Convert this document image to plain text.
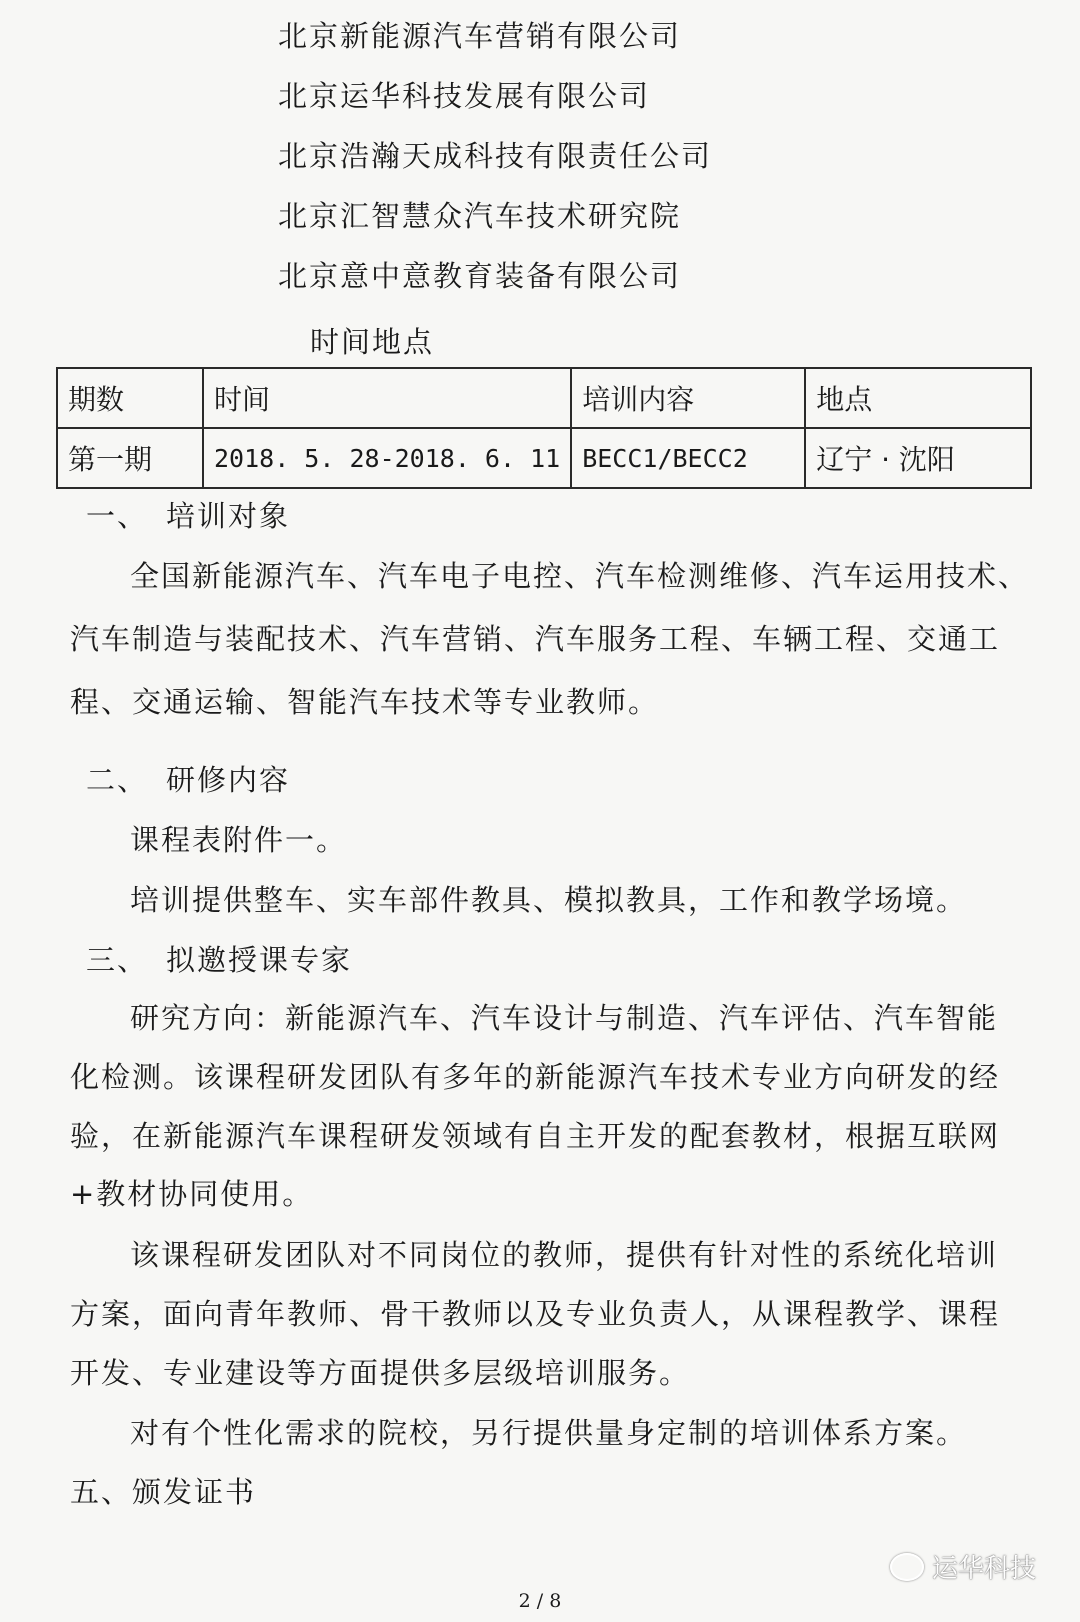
北京新能源汽车营销有限公司
北京运华科技发展有限公司
北京浩瀚天成科技有限责任公司
北京汇智慧众汽车技术研究院
北京意中意教育装备有限公司
时间地点
期数	时间	培训内容	地点
第一期	2018. 5. 28-2018. 6. 11	BECC1/BECC2	辽宁 · 沈阳
一、 培训对象
全国新能源汽车、汽车电子电控、汽车检测维修、汽车运用技术、
汽车制造与装配技术、汽车营销、汽车服务工程、车辆工程、交通工
程、交通运输、智能汽车技术等专业教师。
二、 研修内容
课程表附件一。
培训提供整车、实车部件教具、模拟教具，工作和教学场境。
三、 拟邀授课专家
研究方向：新能源汽车、汽车设计与制造、汽车评估、汽车智能
化检测。该课程研发团队有多年的新能源汽车技术专业方向研发的经
验，在新能源汽车课程研发领域有自主开发的配套教材，根据互联网
+教材协同使用。
该课程研发团队对不同岗位的教师，提供有针对性的系统化培训
方案，面向青年教师、骨干教师以及专业负责人，从课程教学、课程
开发、专业建设等方面提供多层级培训服务。
对有个性化需求的院校，另行提供量身定制的培训体系方案。
五、颁发证书
2 / 8
运华科技
